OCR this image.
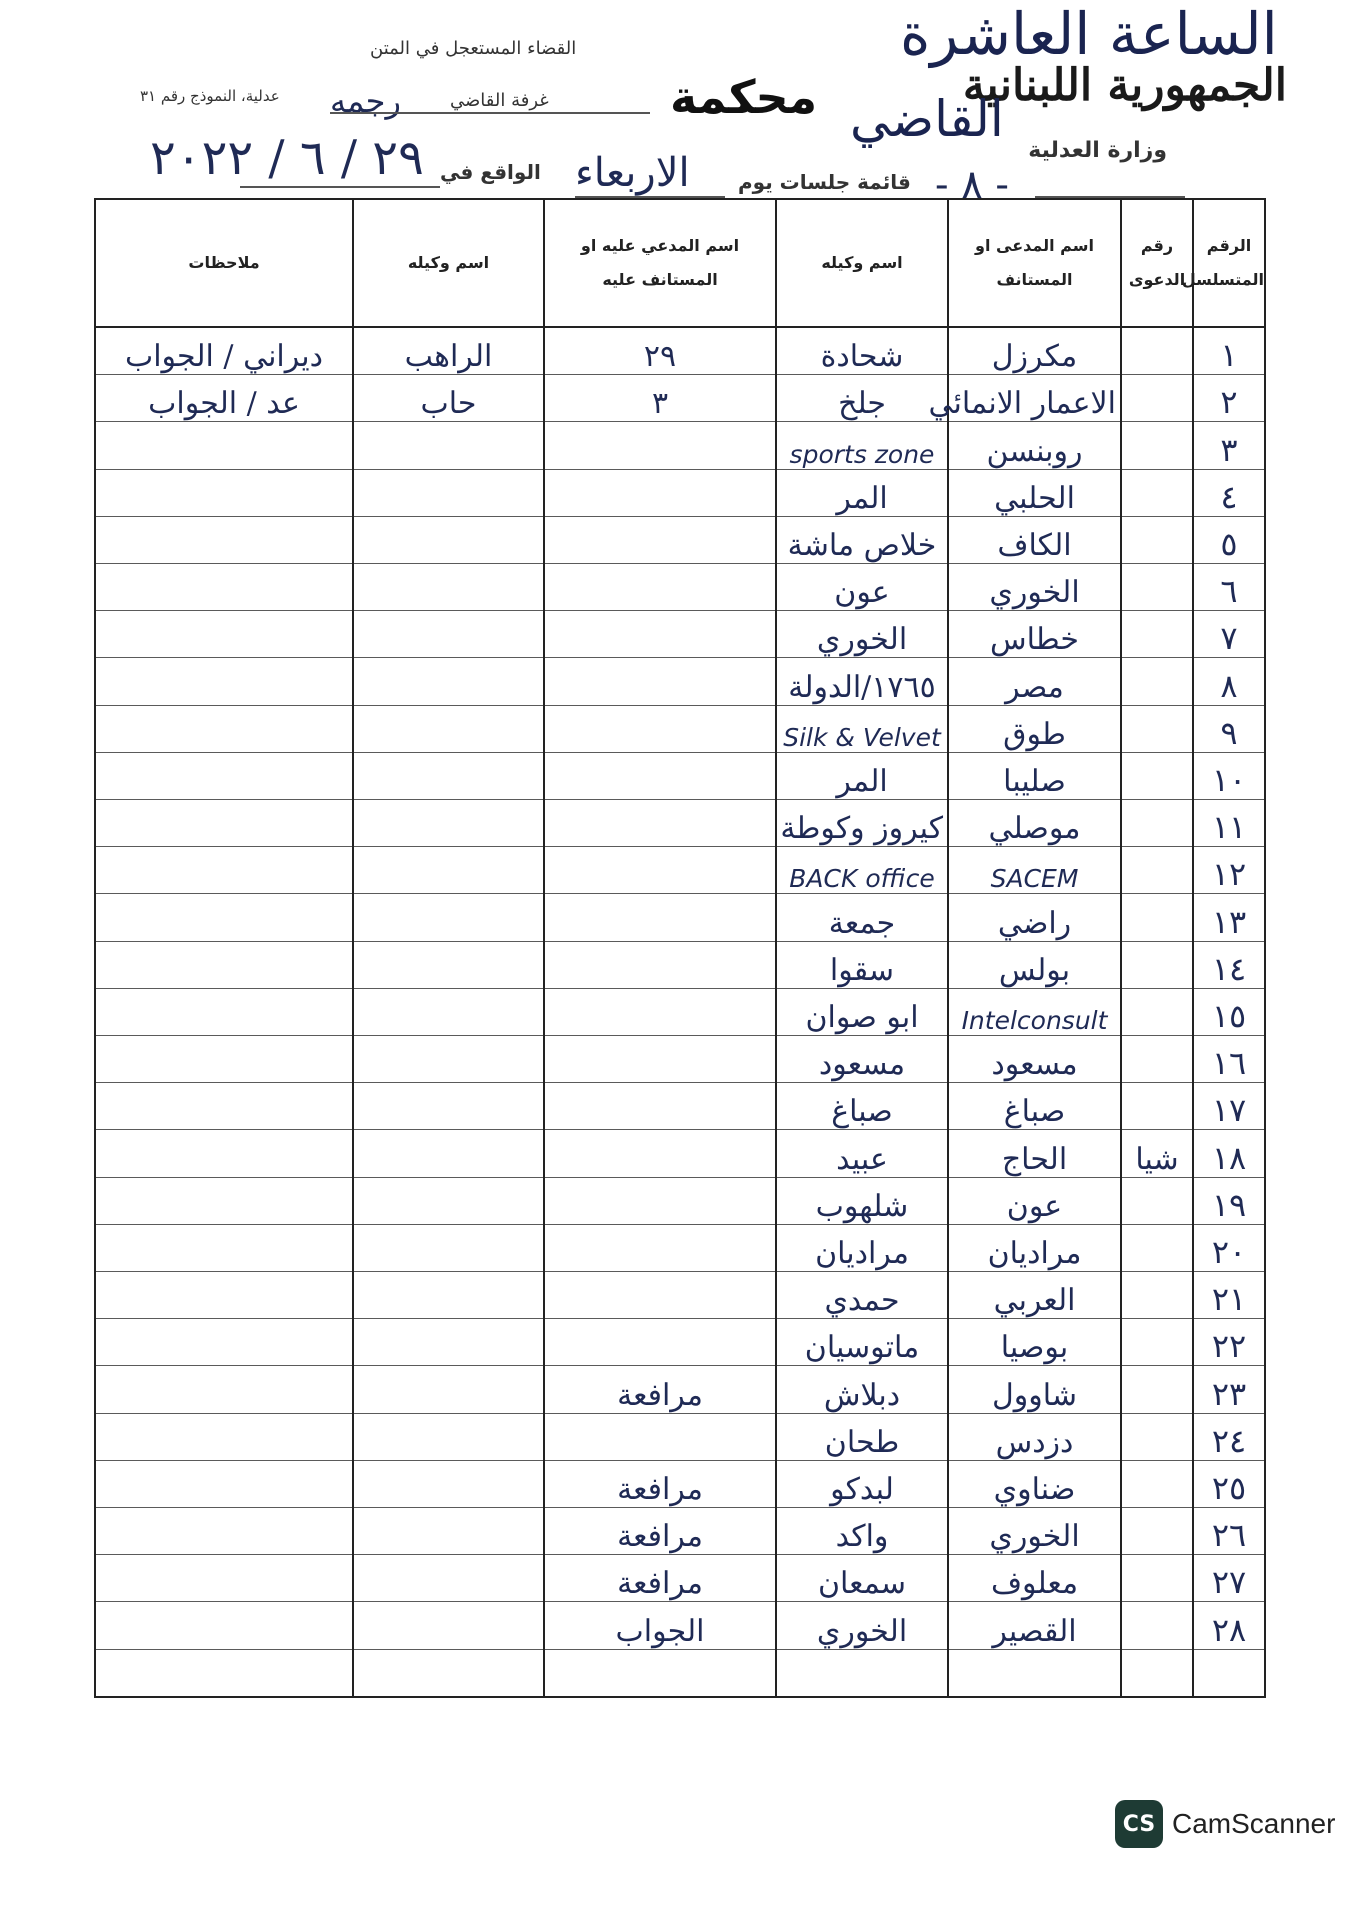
الساعة العاشرة
الجمهورية اللبنانية
محكمة القاضي
وزارة العدلية
القضاء المستعجل في المتن
غرفة القاضي
رجمه
عدلية، النموذج رقم ٣١
قائمة جلسات يوم
الاربعاء
الواقع في
٢٩ / ٦ / ٢٠٢٢	- ٨ -
الرقم المتسلسل	رقم الدعوى	اسم المدعى او المستانف	اسم وكيله	اسم المدعي عليه او المستانف عليه	اسم وكيله	ملاحظات
١		مكرزل	شحادة	٢٩	الراهب	ديراني / الجواب
٢		الاعمار الانمائي	جلخ	٣	حاب	عد / الجواب
٣		روبنسن	sports zone			
٤		الحلبي	المر			
٥		الكاف	خلاص ماشة			
٦		الخوري	عون			
٧		خطاس	الخوري			
٨		مصر	١٧٦٥/الدولة			
٩		طوق	Silk & Velvet			
١٠		صليبا	المر			
١١		موصلي	كيروز وكوطة			
١٢		SACEM	BACK office			
١٣		راضي	جمعة			
١٤		بولس	سقوا			
١٥		Intelconsult	ابو صوان			
١٦		مسعود	مسعود			
١٧		صباغ	صباغ			
١٨	شيا	الحاج	عبيد			
١٩		عون	شلهوب			
٢٠		مراديان	مراديان			
٢١		العربي	حمدي			
٢٢		بوصيا	ماتوسيان			
٢٣		شاوول	دبلاش	مرافعة		
٢٤		دزدس	طحان			
٢٥		ضناوي	لبدكو	مرافعة		
٢٦		الخوري	واكد	مرافعة		
٢٧		معلوف	سمعان	مرافعة		
٢٨		القصير	الخوري	الجواب		

CS CamScanner
